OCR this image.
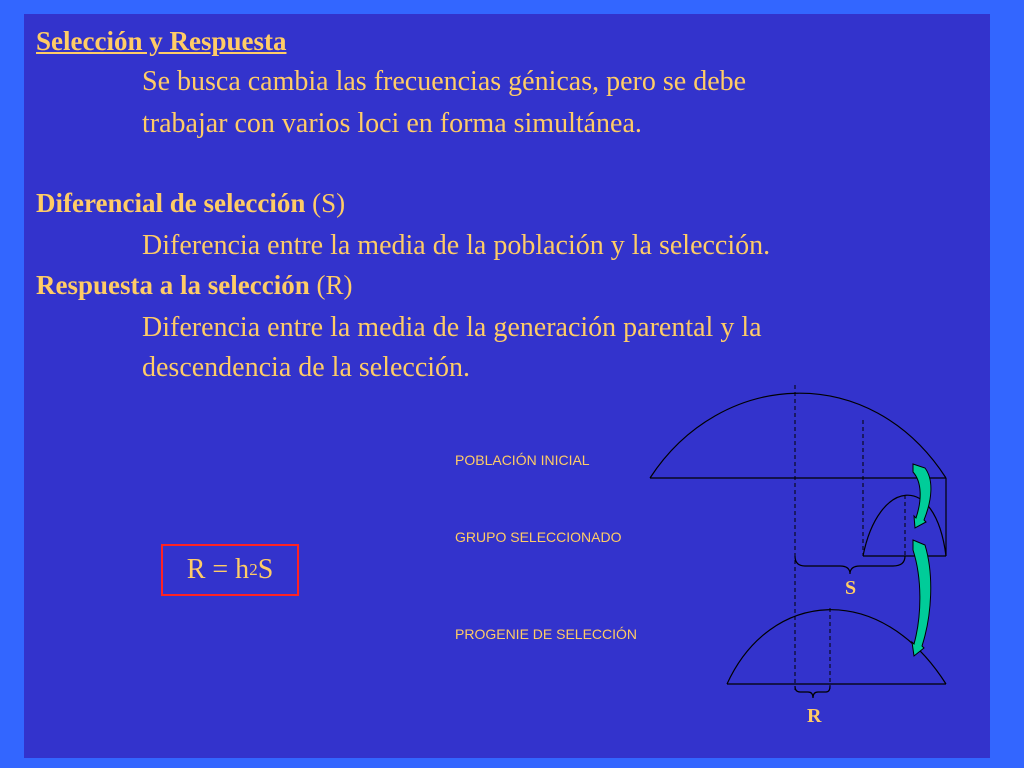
Selección y Respuesta
Se busca cambia las frecuencias génicas, pero se debe
trabajar con varios loci en forma simultánea.
Diferencial de selección (S)
Diferencia entre la media de la población y la selección.
Respuesta a la selección (R)
Diferencia entre la media de la generación parental y la
descendencia de la selección.
R = h 2 S
POBLACIÓN INICIAL
GRUPO SELECCIONADO
PROGENIE DE SELECCIÓN
S
R
